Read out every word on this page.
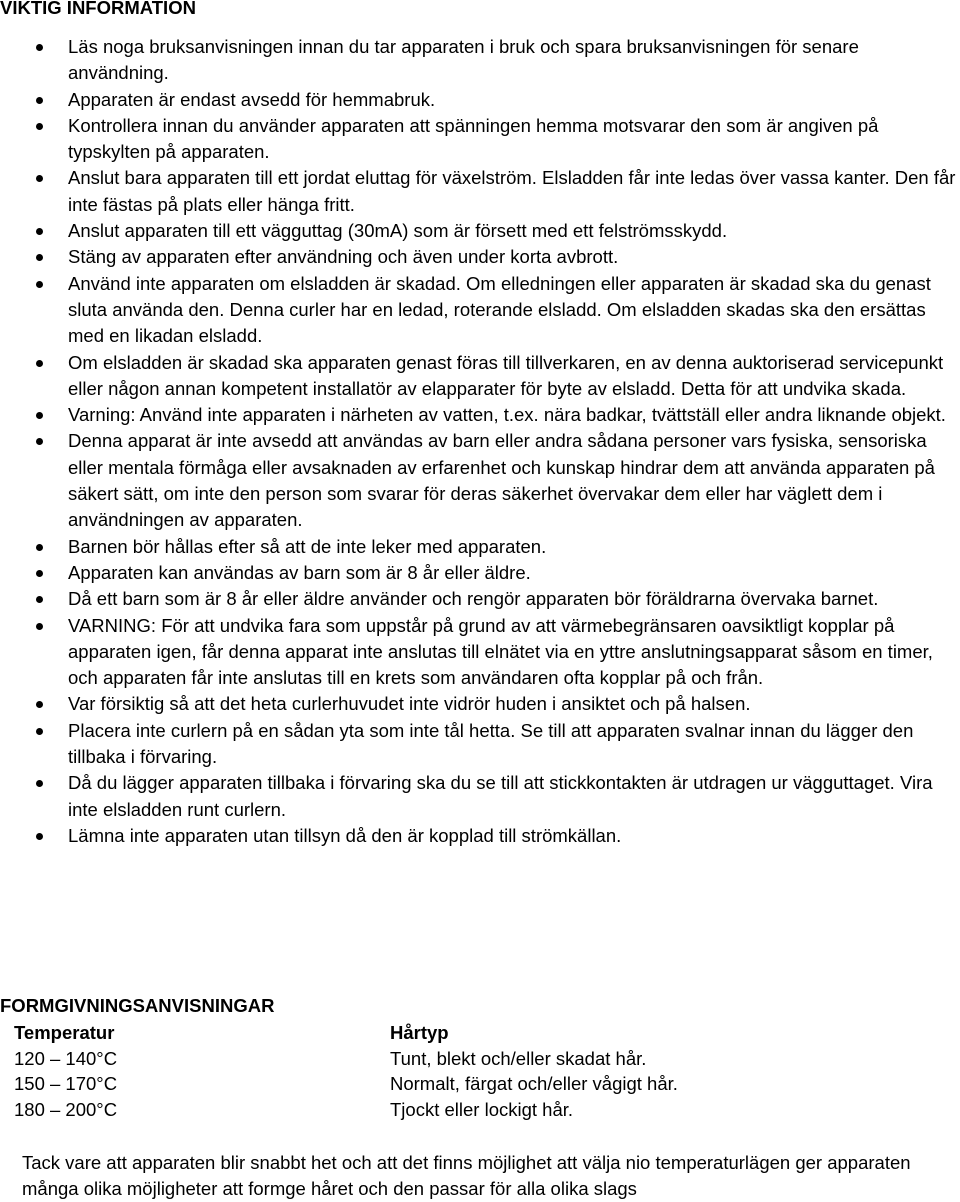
VIKTIG INFORMATION
Läs noga bruksanvisningen innan du tar apparaten i bruk och spara bruksanvisningen för senare användning.
Apparaten är endast avsedd för hemmabruk.
Kontrollera innan du använder apparaten att spänningen hemma motsvarar den som är angiven på typskylten på apparaten.
Anslut bara apparaten till ett jordat eluttag för växelström. Elsladden får inte ledas över vassa kanter. Den får inte fästas på plats eller hänga fritt.
Anslut apparaten till ett vägguttag (30mA) som är försett med ett felströmsskydd.
Stäng av apparaten efter användning och även under korta avbrott.
Använd inte apparaten om elsladden är skadad. Om elledningen eller apparaten är skadad ska du genast sluta använda den. Denna curler har en ledad, roterande elsladd. Om elsladden skadas ska den ersättas med en likadan elsladd.
Om elsladden är skadad ska apparaten genast föras till tillverkaren, en av denna auktoriserad servicepunkt eller någon annan kompetent installatör av elapparater för byte av elsladd. Detta för att undvika skada.
Varning: Använd inte apparaten i närheten av vatten, t.ex. nära badkar, tvättställ eller andra liknande objekt.
Denna apparat är inte avsedd att användas av barn eller andra sådana personer vars fysiska, sensoriska eller mentala förmåga eller avsaknaden av erfarenhet och kunskap hindrar dem att använda apparaten på säkert sätt, om inte den person som svarar för deras säkerhet övervakar dem eller har väglett dem i användningen av apparaten.
Barnen bör hållas efter så att de inte leker med apparaten.
Apparaten kan användas av barn som är 8 år eller äldre.
Då ett barn som är 8 år eller äldre använder och rengör apparaten bör föräldrarna övervaka barnet.
VARNING: För att undvika fara som uppstår på grund av att värmebegränsaren oavsiktligt kopplar på apparaten igen, får denna apparat inte anslutas till elnätet via en yttre anslutningsapparat såsom en timer, och apparaten får inte anslutas till en krets som användaren ofta kopplar på och från.
Var försiktig så att det heta curlerhuvudet inte vidrör huden i ansiktet och på halsen.
Placera inte curlern på en sådan yta som inte tål hetta. Se till att apparaten svalnar innan du lägger den tillbaka i förvaring.
Då du lägger apparaten tillbaka i förvaring ska du se till att stickkontakten är utdragen ur vägguttaget. Vira inte elsladden runt curlern.
Lämna inte apparaten utan tillsyn då den är kopplad till strömkällan.
FORMGIVNINGSANVISNINGAR
Temperatur	Hårtyp
120 – 140°C	Tunt, blekt och/eller skadat hår.
150 – 170°C	Normalt, färgat och/eller vågigt hår.
180 – 200°C	Tjockt eller lockigt hår.
Tack vare att apparaten blir snabbt het och att det finns möjlighet att välja nio temperaturlägen ger apparaten många olika möjligheter att formge håret och den passar för alla olika slags
